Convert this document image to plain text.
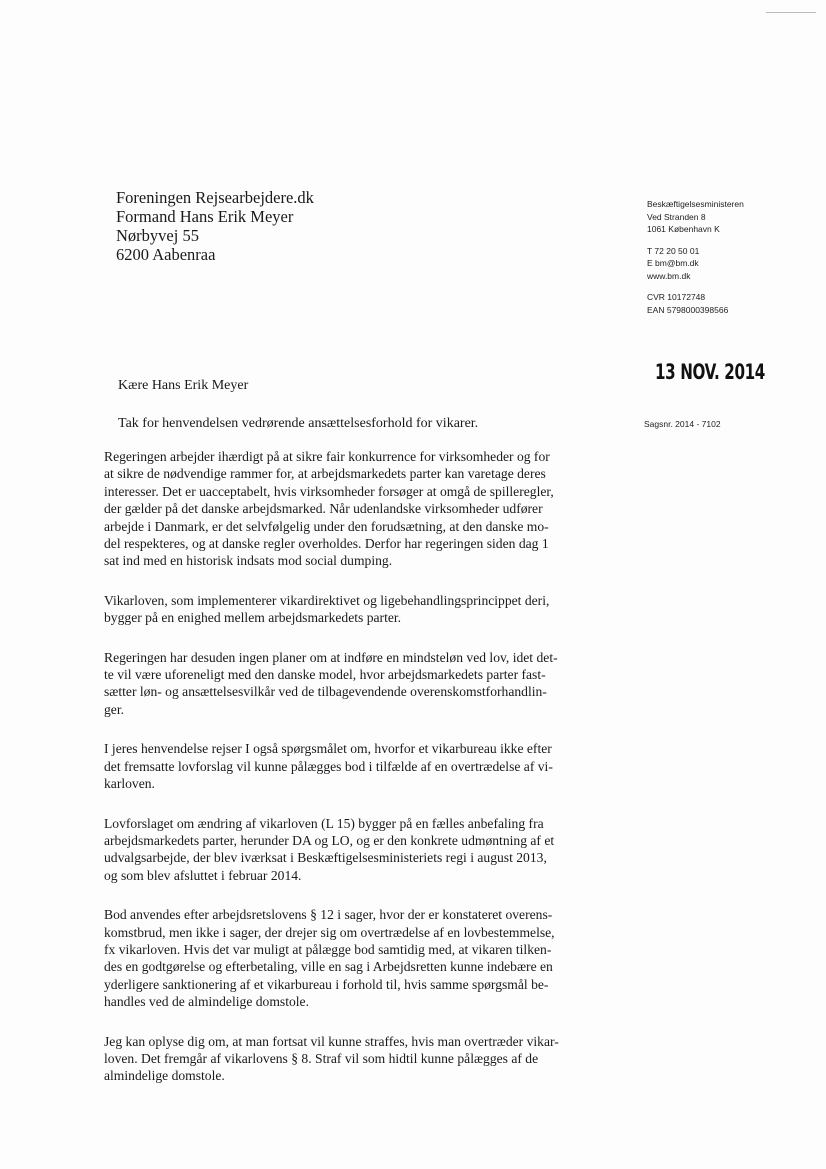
Foreningen Rejsearbejdere.dk
Formand Hans Erik Meyer
Nørbyvej 55
6200 Aabenraa
Beskæftigelsesministeren
Ved Stranden 8
1061 København K
T 72 20 50 01
E bm@bm.dk
www.bm.dk
CVR 10172748
EAN 5798000398566
13 NOV. 2014
Sagsnr. 2014 - 7102
Kære Hans Erik Meyer
Tak for henvendelsen vedrørende ansættelsesforhold for vikarer.

Regeringen arbejder ihærdigt på at sikre fair konkurrence for virksomheder og for
at sikre de nødvendige rammer for, at arbejdsmarkedets parter kan varetage deres
interesser. Det er uacceptabelt, hvis virksomheder forsøger at omgå de spilleregler,
der gælder på det danske arbejdsmarked. Når udenlandske virksomheder udfører
arbejde i Danmark, er det selvfølgelig under den forudsætning, at den danske mo-
del respekteres, og at danske regler overholdes. Derfor har regeringen siden dag 1
sat ind med en historisk indsats mod social dumping.

Vikarloven, som implementerer vikardirektivet og ligebehandlingsprincippet deri,
bygger på en enighed mellem arbejdsmarkedets parter.

Regeringen har desuden ingen planer om at indføre en mindsteløn ved lov, idet det-
te vil være uforeneligt med den danske model, hvor arbejdsmarkedets parter fast-
sætter løn- og ansættelsesvilkår ved de tilbagevendende overenskomstforhandlin-
ger.

I jeres henvendelse rejser I også spørgsmålet om, hvorfor et vikarbureau ikke efter
det fremsatte lovforslag vil kunne pålægges bod i tilfælde af en overtrædelse af vi-
karloven.

Lovforslaget om ændring af vikarloven (L 15) bygger på en fælles anbefaling fra
arbejdsmarkedets parter, herunder DA og LO, og er den konkrete udmøntning af et
udvalgsarbejde, der blev iværksat i Beskæftigelsesministeriets regi i august 2013,
og som blev afsluttet i februar 2014.

Bod anvendes efter arbejdsretslovens § 12 i sager, hvor der er konstateret overens-
komstbrud, men ikke i sager, der drejer sig om overtrædelse af en lovbestemmelse,
fx vikarloven. Hvis det var muligt at pålægge bod samtidig med, at vikaren tilken-
des en godtgørelse og efterbetaling, ville en sag i Arbejdsretten kunne indebære en
yderligere sanktionering af et vikarbureau i forhold til, hvis samme spørgsmål be-
handles ved de almindelige domstole.

Jeg kan oplyse dig om, at man fortsat vil kunne straffes, hvis man overtræder vikar-
loven. Det fremgår af vikarlovens § 8. Straf vil som hidtil kunne pålægges af de
almindelige domstole.
